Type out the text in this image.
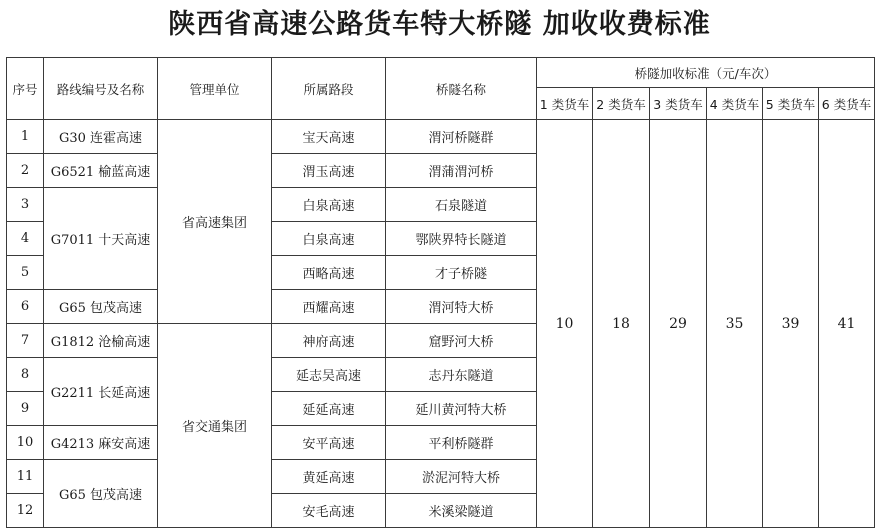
陕西省高速公路货车特大桥隧 加收收费标准
序号	路线编号及名称	管理单位	所属路段	桥隧名称	桥隧加收标准（元/车次）					
					1 类货车	2 类货车	3 类货车	4 类货车	5 类货车	6 类货车
1	G30 连霍高速	省高速集团	宝天高速	渭河桥隧群	10	18	29	35	39	41
2	G6521 榆蓝高速		渭玉高速	渭蒲渭河桥						
3	G7011 十天高速		白泉高速	石泉隧道						
4			白泉高速	鄂陕界特长隧道						
5			西略高速	才子桥隧						
6	G65 包茂高速		西耀高速	渭河特大桥						
7	G1812 沧榆高速	省交通集团	神府高速	窟野河大桥						
8	G2211 长延高速		延志吴高速	志丹东隧道						
9			延延高速	延川黄河特大桥						
10	G4213 麻安高速		安平高速	平利桥隧群						
11	G65 包茂高速		黄延高速	淤泥河特大桥						
12			安毛高速	米溪梁隧道						
